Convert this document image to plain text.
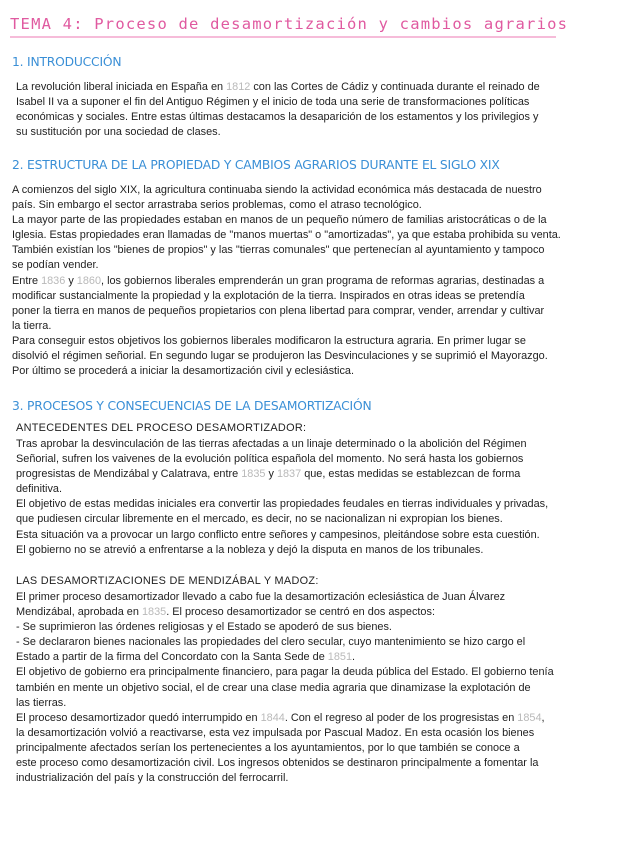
TEMA 4: Proceso de desamortización y cambios agrarios
1. INTRODUCCIÓN
La revolución liberal iniciada en España en 1812 con las Cortes de Cádiz y continuada durante el reinado de
Isabel II va a suponer el fin del Antiguo Régimen y el inicio de toda una serie de transformaciones políticas
económicas y sociales. Entre estas últimas destacamos la desaparición de los estamentos y los privilegios y
su sustitución por una sociedad de clases.
2. ESTRUCTURA DE LA PROPIEDAD Y CAMBIOS AGRARIOS DURANTE EL SIGLO XIX
A comienzos del siglo XIX, la agricultura continuaba siendo la actividad económica más destacada de nuestro
país. Sin embargo el sector arrastraba serios problemas, como el atraso tecnológico.
La mayor parte de las propiedades estaban en manos de un pequeño número de familias aristocráticas o de la
Iglesia. Estas propiedades eran llamadas de "manos muertas" o "amortizadas", ya que estaba prohibida su venta.
También existían los "bienes de propios" y las "tierras comunales" que pertenecían al ayuntamiento y tampoco
se podían vender.
Entre 1836 y 1860, los gobiernos liberales emprenderán un gran programa de reformas agrarias, destinadas a
modificar sustancialmente la propiedad y la explotación de la tierra. Inspirados en otras ideas se pretendía
poner la tierra en manos de pequeños propietarios con plena libertad para comprar, vender, arrendar y cultivar
la tierra.
Para conseguir estos objetivos los gobiernos liberales modificaron la estructura agraria. En primer lugar se
disolvió el régimen señorial. En segundo lugar se produjeron las Desvinculaciones y se suprimió el Mayorazgo.
Por último se procederá a iniciar la desamortización civil y eclesiástica.
3. PROCESOS Y CONSECUENCIAS DE LA DESAMORTIZACIÓN
ANTECEDENTES DEL PROCESO DESAMORTIZADOR:
Tras aprobar la desvinculación de las tierras afectadas a un linaje determinado o la abolición del Régimen
Señorial, sufren los vaivenes de la evolución política española del momento. No será hasta los gobiernos
progresistas de Mendizábal y Calatrava, entre 1835 y 1837 que, estas medidas se establezcan de forma
definitiva.
El objetivo de estas medidas iniciales era convertir las propiedades feudales en tierras individuales y privadas,
que pudiesen circular libremente en el mercado, es decir, no se nacionalizan ni expropian los bienes.
Esta situación va a provocar un largo conflicto entre señores y campesinos, pleitándose sobre esta cuestión.
El gobierno no se atrevió a enfrentarse a la nobleza y dejó la disputa en manos de los tribunales.
LAS DESAMORTIZACIONES DE MENDIZÁBAL Y MADOZ:
El primer proceso desamortizador llevado a cabo fue la desamortización eclesiástica de Juan Álvarez
Mendizábal, aprobada en 1835. El proceso desamortizador se centró en dos aspectos:
- Se suprimieron las órdenes religiosas y el Estado se apoderó de sus bienes.
- Se declararon bienes nacionales las propiedades del clero secular, cuyo mantenimiento se hizo cargo el
Estado a partir de la firma del Concordato con la Santa Sede de 1851.
El objetivo de gobierno era principalmente financiero, para pagar la deuda pública del Estado. El gobierno tenía
también en mente un objetivo social, el de crear una clase media agraria que dinamizase la explotación de
las tierras.
El proceso desamortizador quedó interrumpido en 1844. Con el regreso al poder de los progresistas en 1854,
la desamortización volvió a reactivarse, esta vez impulsada por Pascual Madoz. En esta ocasión los bienes
principalmente afectados serían los pertenecientes a los ayuntamientos, por lo que también se conoce a
este proceso como desamortización civil. Los ingresos obtenidos se destinaron principalmente a fomentar la
industrialización del país y la construcción del ferrocarril.
